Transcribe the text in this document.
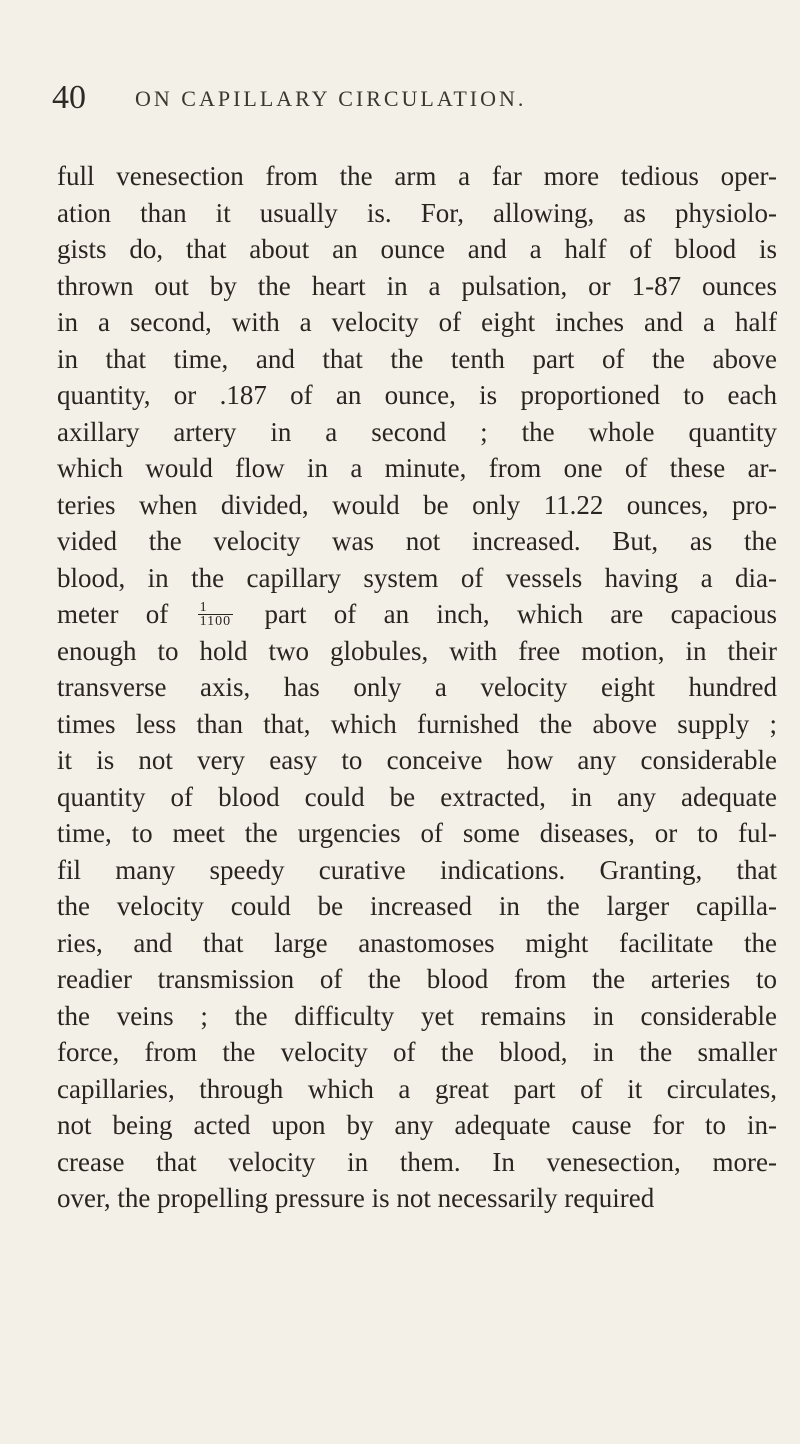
40 ON CAPILLARY CIRCULATION.
full venesection from the arm a far more tedious oper-
ation than it usually is. For, allowing, as physiolo-
gists do, that about an ounce and a half of blood is
thrown out by the heart in a pulsation, or 1-87 ounces
in a second, with a velocity of eight inches and a half
in that time, and that the tenth part of the above
quantity, or .187 of an ounce, is proportioned to each
axillary artery in a second ; the whole quantity
which would flow in a minute, from one of these ar-
teries when divided, would be only 11.22 ounces, pro-
vided the velocity was not increased. But, as the
blood, in the capillary system of vessels having a dia-
meter of $\frac{1}{1100}$ part of an inch, which are capacious
enough to hold two globules, with free motion, in their
transverse axis, has only a velocity eight hundred
times less than that, which furnished the above supply ;
it is not very easy to conceive how any considerable
quantity of blood could be extracted, in any adequate
time, to meet the urgencies of some diseases, or to ful-
fil many speedy curative indications. Granting, that
the velocity could be increased in the larger capilla-
ries, and that large anastomoses might facilitate the
readier transmission of the blood from the arteries to
the veins ; the difficulty yet remains in considerable
force, from the velocity of the blood, in the smaller
capillaries, through which a great part of it circulates,
not being acted upon by any adequate cause for to in-
crease that velocity in them. In venesection, more-
over, the propelling pressure is not necessarily required
